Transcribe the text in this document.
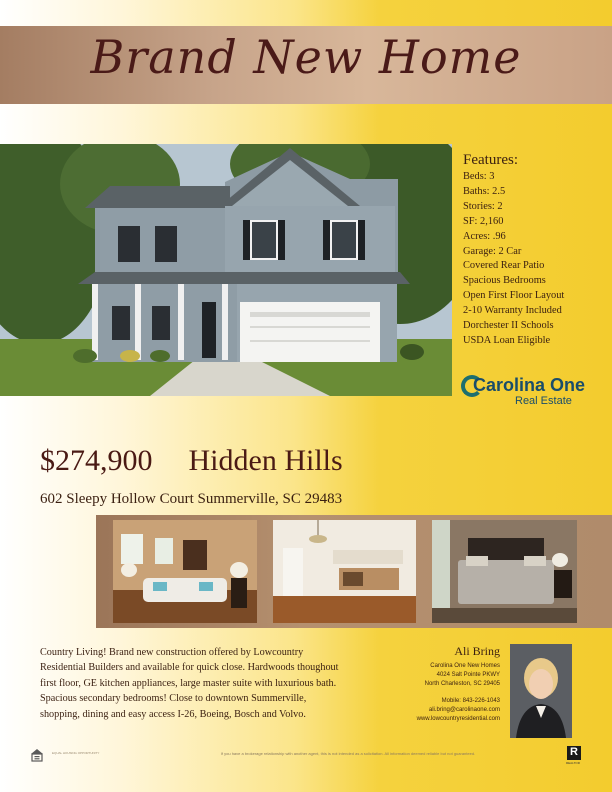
Brand New Home
Features:
Beds: 3
Baths: 2.5
Stories: 2
SF: 2,160
Acres: .96
Garage: 2 Car
Covered Rear Patio
Spacious Bedrooms
Open First Floor Layout
2-10 Warranty Included
Dorchester II Schools
USDA Loan Eligible
Carolina One
Real Estate
$274,900 Hidden Hills
602 Sleepy Hollow Court Summerville, SC 29483
Country Living! Brand new construction offered by Lowcountry Residential Builders and available for quick close. Hardwoods thoughout first floor, GE kitchen appliances, large master suite with luxurious bath. Spacious secondary bedrooms! Close to downtown Summerville, shopping, dining and easy access I-26, Boeing, Bosch and Volvo.
Ali Bring
Carolina One New Homes
4024 Salt Pointe PKWY
North Charleston, SC 29405
Mobile: 843-226-1043
ali.bring@carolinaone.com
www.lowcountryresidential.com
EQUAL HOUSING OPPORTUNITY	If you have a brokerage relationship with another agent, this is not intended as a solicitation. All information deemed reliable but not guaranteed.	R
REALTOR
